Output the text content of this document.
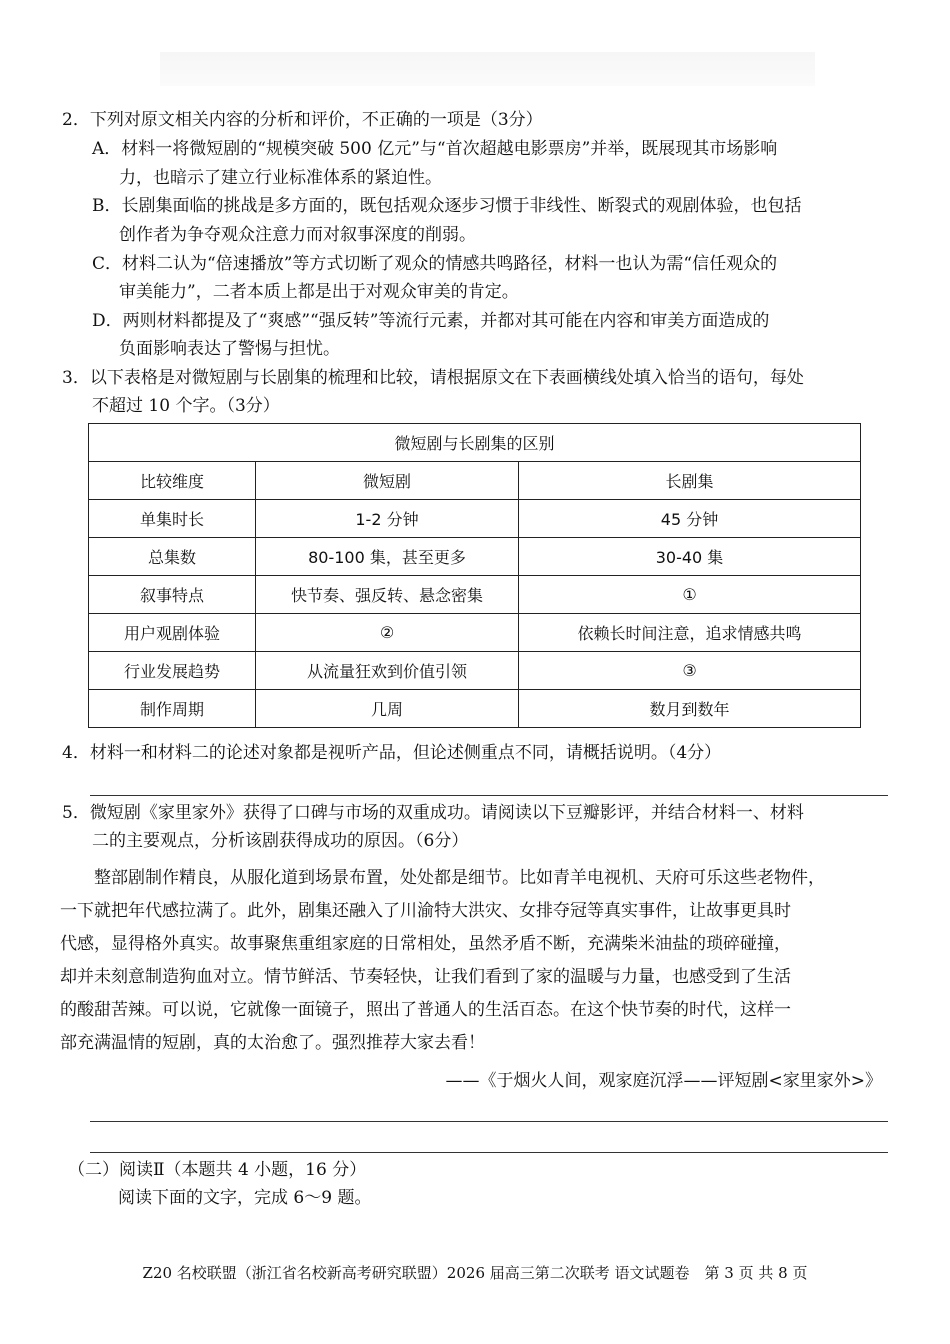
2．下列对原文相关内容的分析和评价，不正确的一项是（3分）
A．材料一将微短剧的“规模突破 500 亿元”与“首次超越电影票房”并举，既展现其市场影响
力，也暗示了建立行业标准体系的紧迫性。
B．长剧集面临的挑战是多方面的，既包括观众逐步习惯于非线性、断裂式的观剧体验，也包括
创作者为争夺观众注意力而对叙事深度的削弱。
C．材料二认为“倍速播放”等方式切断了观众的情感共鸣路径，材料一也认为需“信任观众的
审美能力”，二者本质上都是出于对观众审美的肯定。
D．两则材料都提及了“爽感”“强反转”等流行元素，并都对其可能在内容和审美方面造成的
负面影响表达了警惕与担忧。
3．以下表格是对微短剧与长剧集的梳理和比较，请根据原文在下表画横线处填入恰当的语句，每处
不超过 10 个字。（3分）
微短剧与长剧集的区别		
比较维度	微短剧	长剧集
单集时长	1-2 分钟	45 分钟
总集数	80-100 集，甚至更多	30-40 集
叙事特点	快节奏、强反转、悬念密集	①
用户观剧体验	②	依赖长时间注意，追求情感共鸣
行业发展趋势	从流量狂欢到价值引领	③
制作周期	几周	数月到数年
4．材料一和材料二的论述对象都是视听产品，但论述侧重点不同，请概括说明。（4分）
5．微短剧《家里家外》获得了口碑与市场的双重成功。请阅读以下豆瓣影评，并结合材料一、材料
二的主要观点，分析该剧获得成功的原因。（6分）
　　整部剧制作精良，从服化道到场景布置，处处都是细节。比如青羊电视机、天府可乐这些老物件，
一下就把年代感拉满了。此外，剧集还融入了川渝特大洪灾、女排夺冠等真实事件，让故事更具时
代感，显得格外真实。故事聚焦重组家庭的日常相处，虽然矛盾不断，充满柴米油盐的琐碎碰撞，
却并未刻意制造狗血对立。情节鲜活、节奏轻快，让我们看到了家的温暖与力量，也感受到了生活
的酸甜苦辣。可以说，它就像一面镜子，照出了普通人的生活百态。在这个快节奏的时代，这样一
部充满温情的短剧，真的太治愈了。强烈推荐大家去看！
——《于烟火人间，观家庭沉浮——评短剧<家里家外>》
（二）阅读Ⅱ（本题共 4 小题，16 分）
阅读下面的文字，完成 6～9 题。
Z20 名校联盟（浙江省名校新高考研究联盟）2026 届高三第二次联考 语文试题卷　第 3 页 共 8 页
